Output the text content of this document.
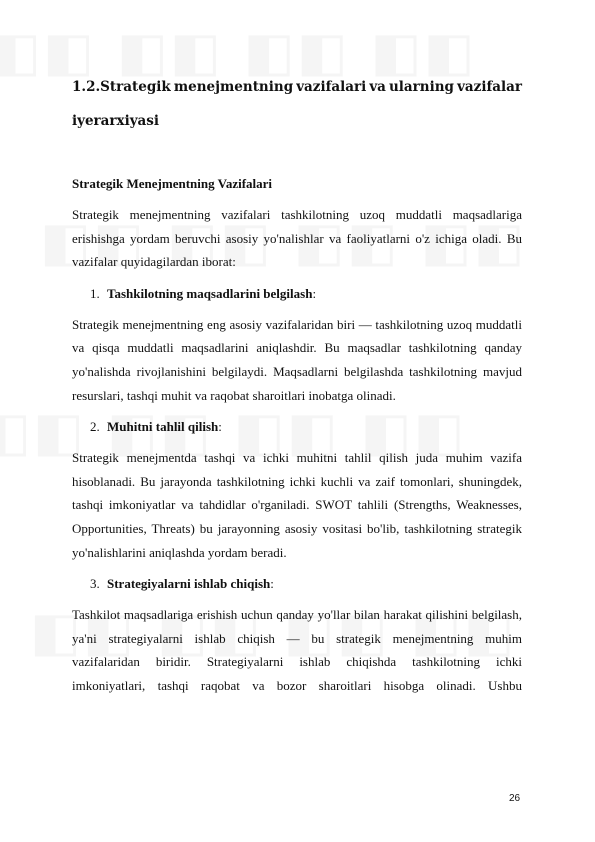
1.2.Strategik menejmentning vazifalari va ularning vazifalar
iyerarxiyasi
Strategik Menejmentning Vazifalari

Strategik menejmentning vazifalari tashkilotning uzoq muddatli maqsadlariga erishishga yordam beruvchi asosiy yo'nalishlar va faoliyatlarni o'z ichiga oladi. Bu vazifalar quyidagilardan iborat:

1. Tashkilotning maqsadlarini belgilash:

Strategik menejmentning eng asosiy vazifalaridan biri — tashkilotning uzoq muddatli va qisqa muddatli maqsadlarini aniqlashdir. Bu maqsadlar tashkilotning qanday yo'nalishda rivojlanishini belgilaydi. Maqsadlarni belgilashda tashkilotning mavjud resurslari, tashqi muhit va raqobat sharoitlari inobatga olinadi.

2. Muhitni tahlil qilish:

Strategik menejmentda tashqi va ichki muhitni tahlil qilish juda muhim vazifa hisoblanadi. Bu jarayonda tashkilotning ichki kuchli va zaif tomonlari, shuningdek, tashqi imkoniyatlar va tahdidlar o'rganiladi. SWOT tahlili (Strengths, Weaknesses, Opportunities, Threats) bu jarayonning asosiy vositasi bo'lib, tashkilotning strategik yo'nalishlarini aniqlashda yordam beradi.

3. Strategiyalarni ishlab chiqish:

Tashkilot maqsadlariga erishish uchun qanday yo'llar bilan harakat qilishini belgilash, ya'ni strategiyalarni ishlab chiqish — bu strategik menejmentning muhim vazifalaridan biridir. Strategiyalarni ishlab chiqishda tashkilotning ichki imkoniyatlari, tashqi raqobat va bozor sharoitlari hisobga olinadi. Ushbu

26
